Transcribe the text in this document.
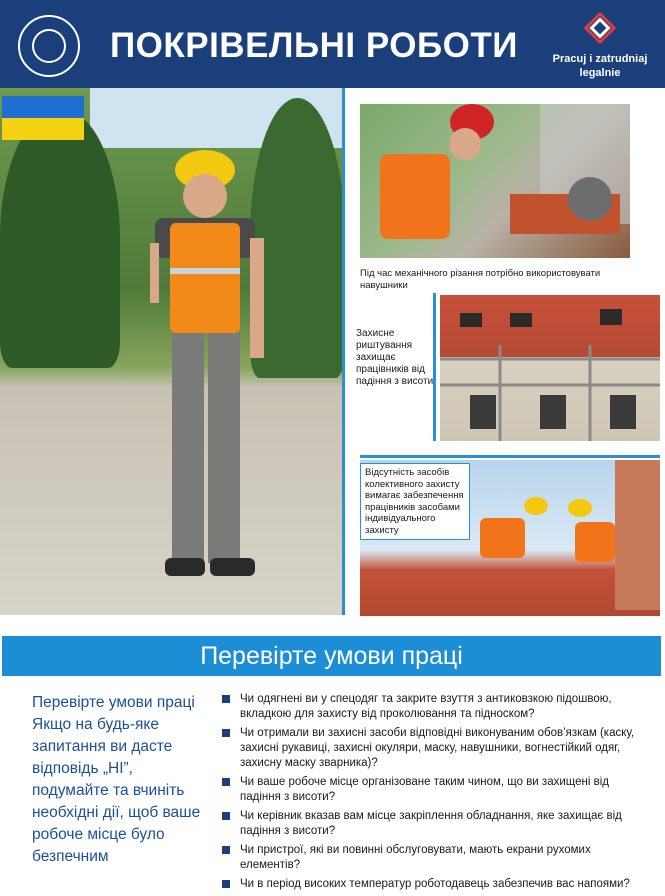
ПОКРІВЕЛЬНІ РОБОТИ	Pracuj i zatrudniaj legalnie
Під час механічного різання потрібно використовувати навушники
Захисне риштування захищає працівників від падіння з висоти
Відсутність засобів колективного захисту вимагає забезпечення працівників засобами індивідуального захисту
Перевірте умови праці
Перевірте умови праці Якщо на будь-яке запитання ви дасте відповідь „НІ”, подумайте та вчиніть необхідні дії, щоб ваше робоче місце було безпечним
Чи одягнені ви у спецодяг та закрите взуття з антиковзкою підошвою, вкладкою для захисту від проколювання та підноском?
Чи отримали ви захисні засоби відповідні виконуваним обов’язкам (каску, захисні рукавиці, захисні окуляри, маску, навушники, вогнестійкий одяг, захисну маску зварника)?
Чи ваше робоче місце організоване таким чином, що ви захищені від падіння з висоти?
Чи керівник вказав вам місце закріплення обладнання, яке захищає від падіння з висоти?
Чи пристрої, які ви повинні обслуговувати, мають екрани рухомих елементів?
Чи в період високих температур роботодавець забезпечив вас напоями?
